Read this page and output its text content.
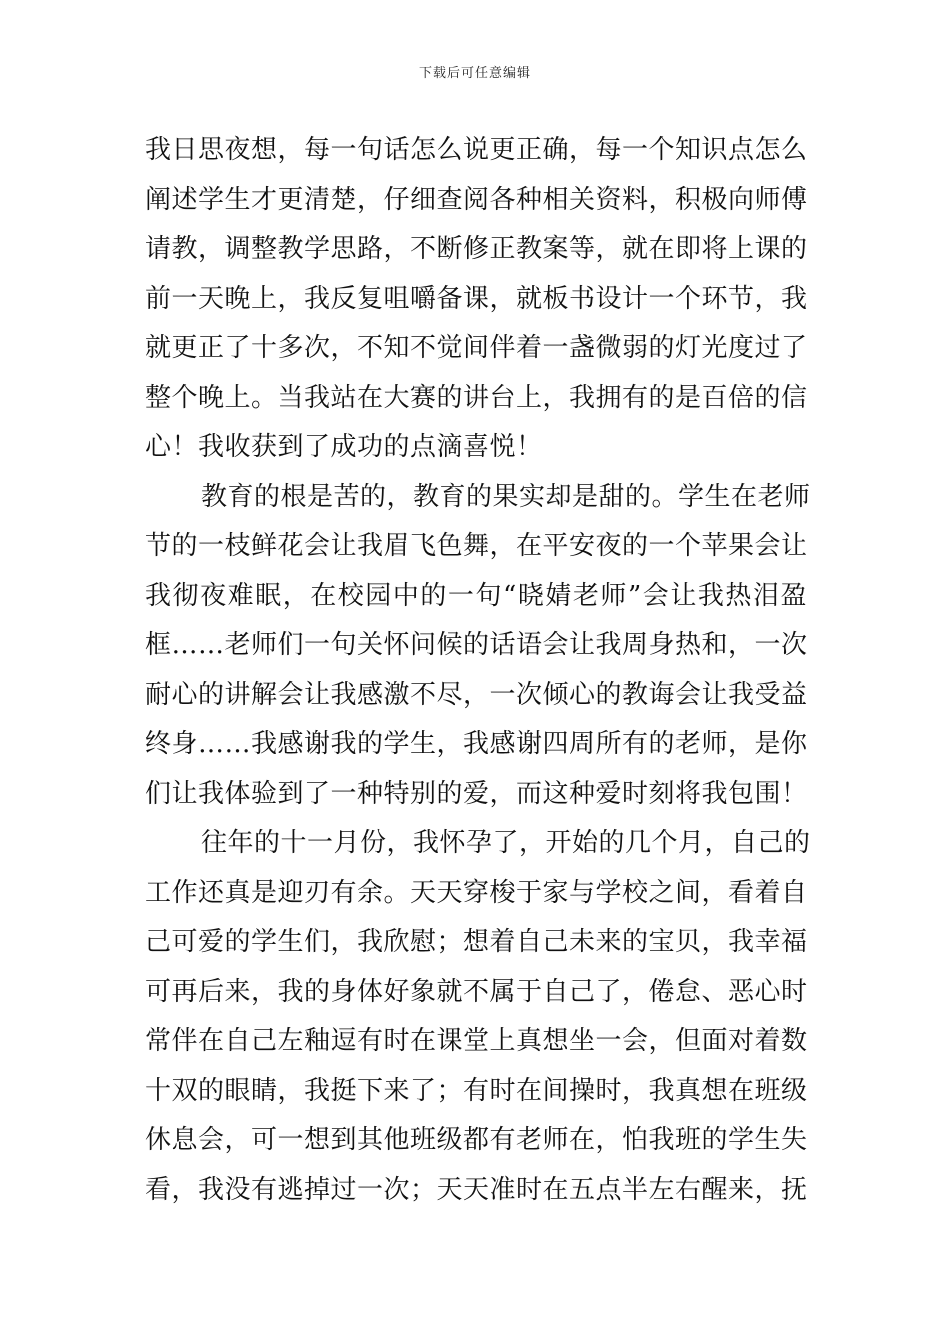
下载后可任意编辑

我日思夜想，每一句话怎么说更正确，每一个知识点怎么
阐述学生才更清楚，仔细查阅各种相关资料，积极向师傅
请教，调整教学思路，不断修正教案等，就在即将上课的
前一天晚上，我反复咀嚼备课，就板书设计一个环节，我
就更正了十多次，不知不觉间伴着一盏微弱的灯光度过了
整个晚上。当我站在大赛的讲台上，我拥有的是百倍的信
心！我收获到了成功的点滴喜悦！

教育的根是苦的，教育的果实却是甜的。学生在老师
节的一枝鲜花会让我眉飞色舞，在平安夜的一个苹果会让
我彻夜难眠，在校园中的一句“晓婧老师”会让我热泪盈
框……老师们一句关怀问候的话语会让我周身热和，一次
耐心的讲解会让我感激不尽，一次倾心的教诲会让我受益
终身……我感谢我的学生，我感谢四周所有的老师，是你
们让我体验到了一种特别的爱，而这种爱时刻将我包围！

往年的十一月份，我怀孕了，开始的几个月，自己的
工作还真是迎刃有余。天天穿梭于家与学校之间，看着自
己可爱的学生们，我欣慰；想着自己未来的宝贝，我幸福
可再后来，我的身体好象就不属于自己了，倦怠、恶心时
常伴在自己左釉逗有时在课堂上真想坐一会，但面对着数
十双的眼睛，我挺下来了；有时在间操时，我真想在班级
休息会，可一想到其他班级都有老师在，怕我班的学生失
看，我没有逃掉过一次；天天准时在五点半左右醒来，抚
